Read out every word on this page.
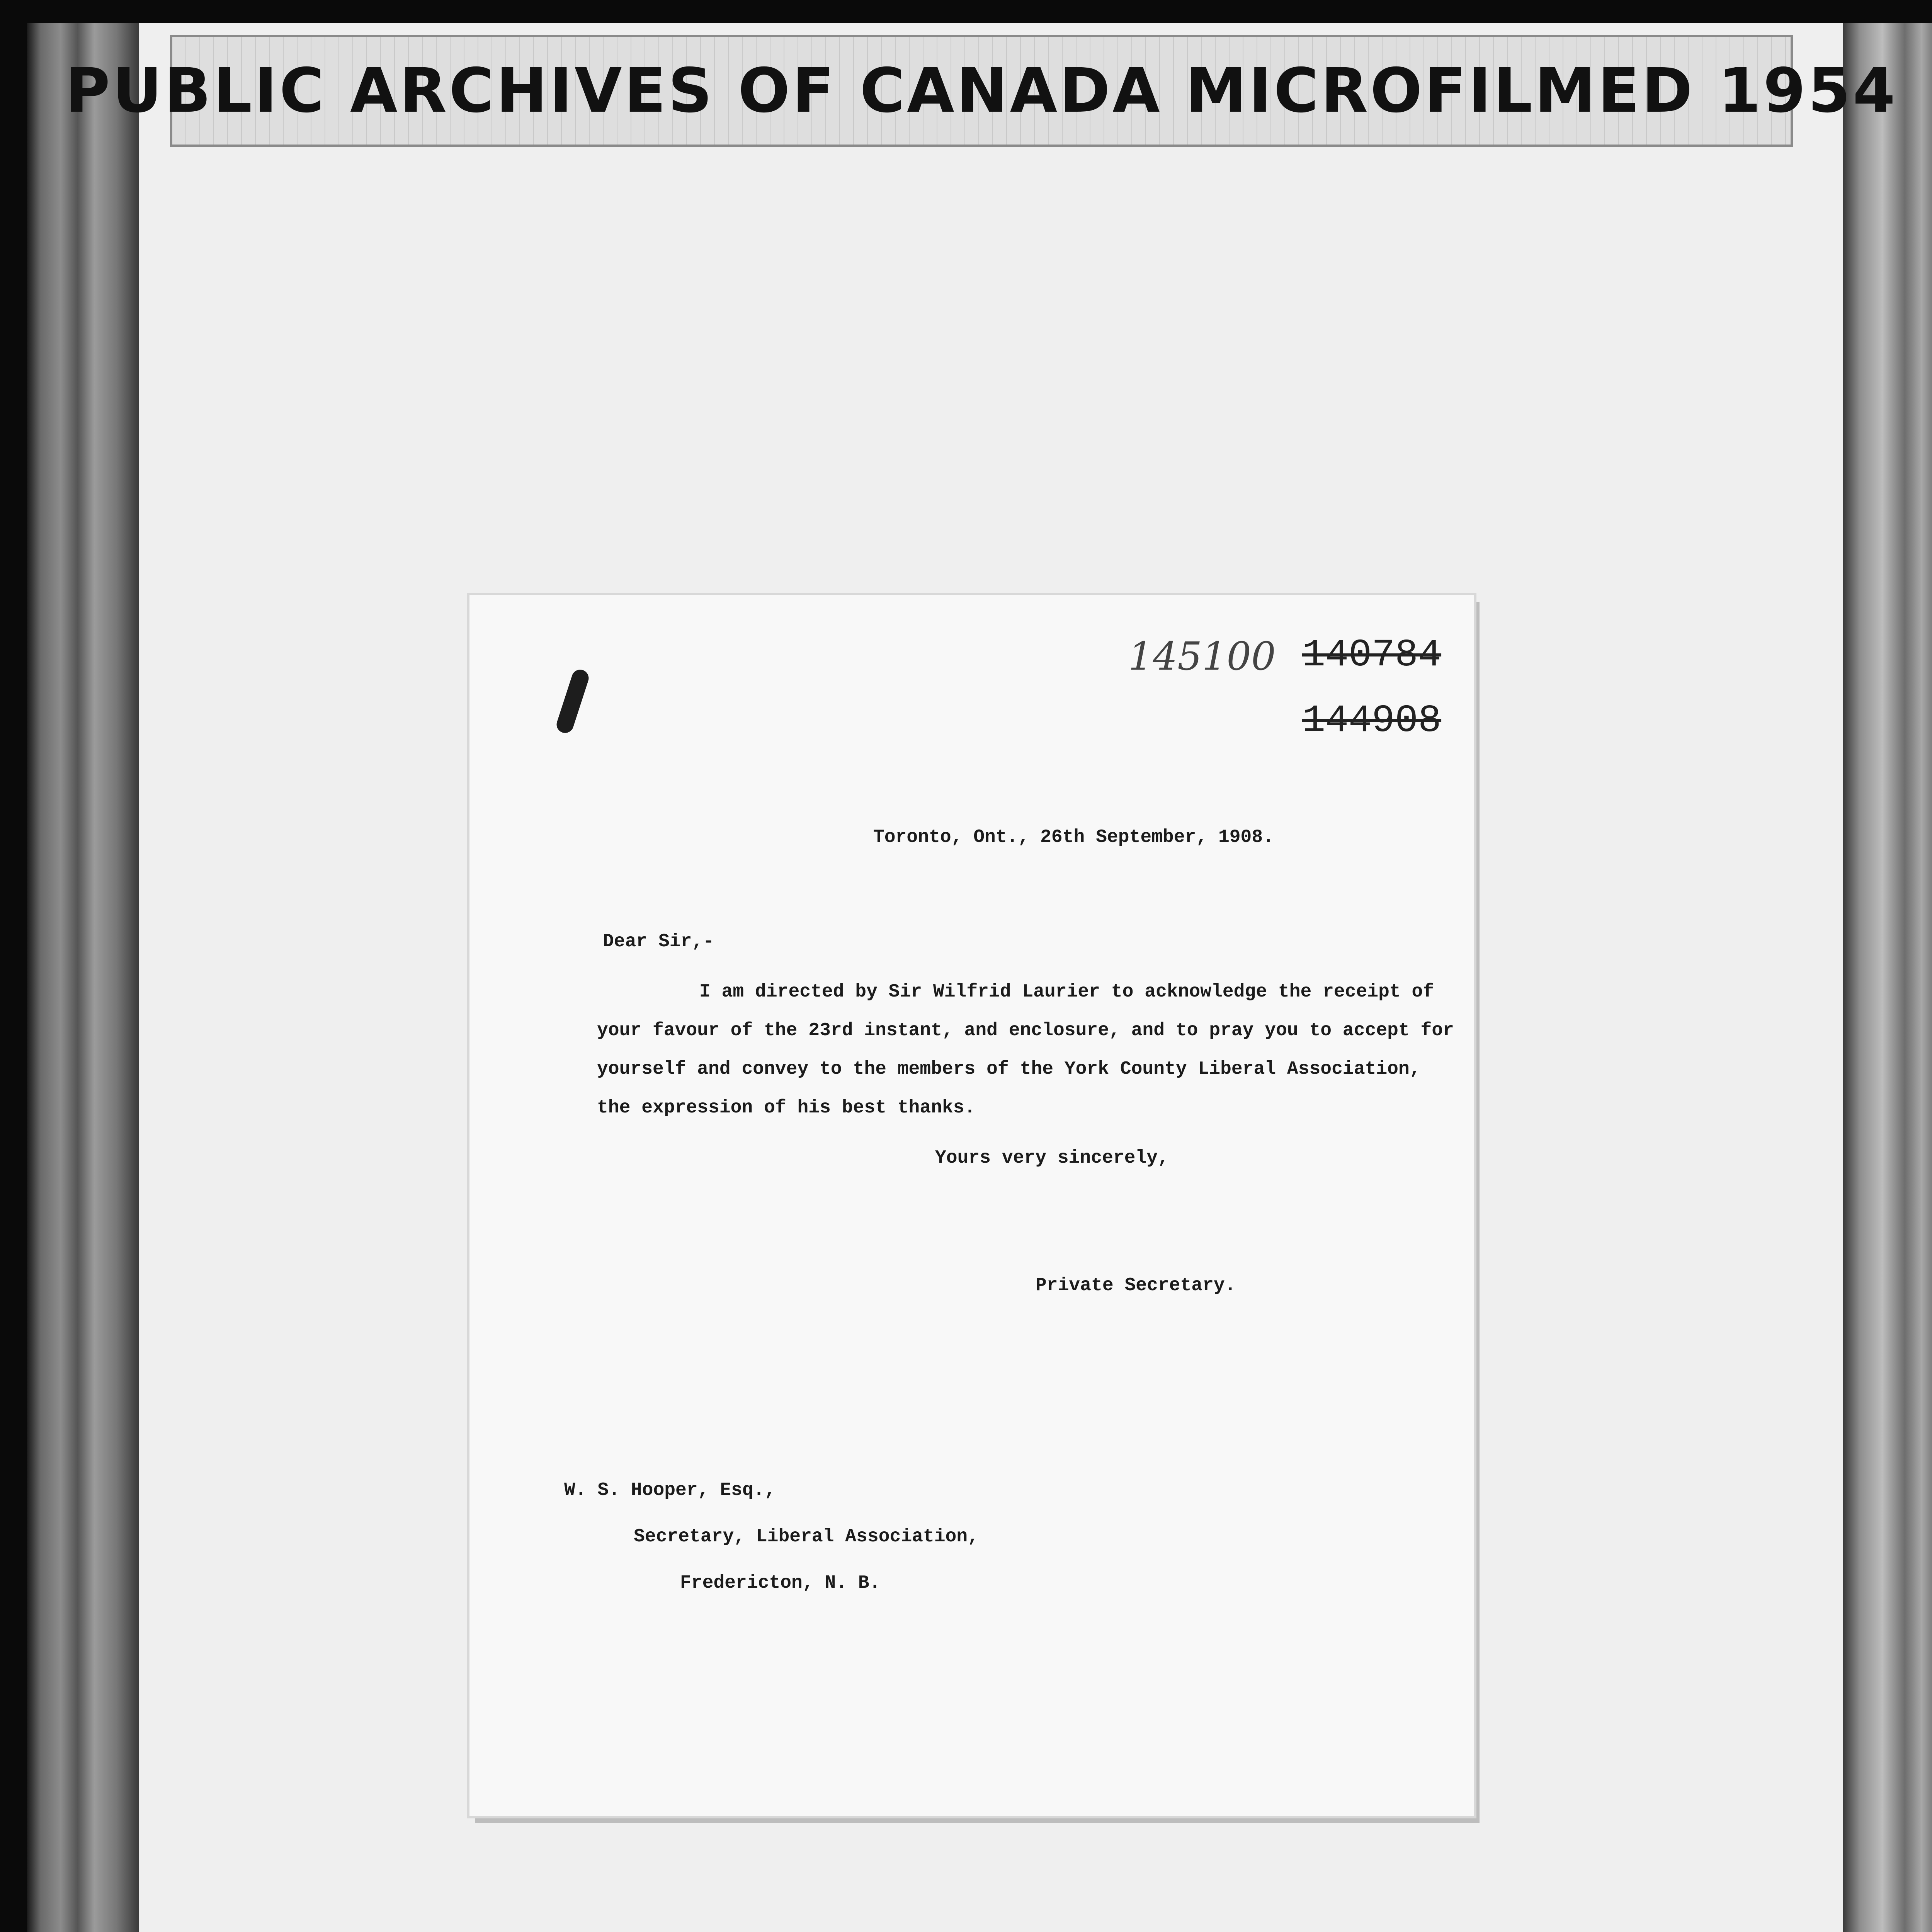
PUBLIC ARCHIVES OF CANADA MICROFILMED 1954
145100 140784
144908
Toronto, Ont., 26th September, 1908.
Dear Sir,-
I am directed by Sir Wilfrid Laurier to acknowledge the receipt of
your favour of the 23rd instant, and enclosure, and to pray you to accept for
yourself and convey to the members of the York County Liberal Association,
the expression of his best thanks.
Yours very sincerely,
Private Secretary.
W. S. Hooper, Esq.,
Secretary, Liberal Association,
Fredericton, N. B.
